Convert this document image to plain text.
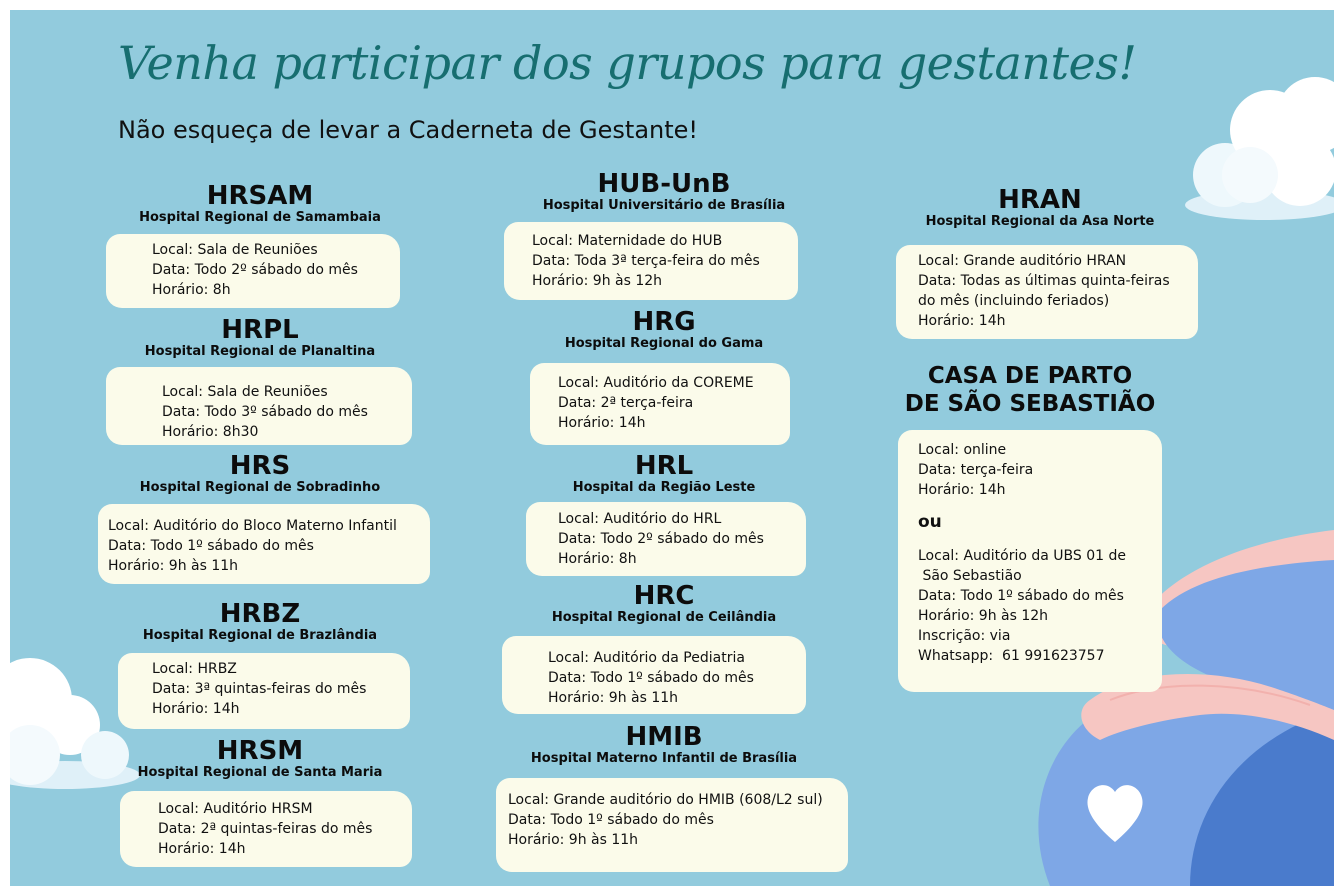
Venha participar dos grupos para gestantes!
Não esqueça de levar a Caderneta de Gestante!
HRSAM
Hospital Regional de Samambaia
Local: Sala de Reuniões
Data: Todo 2º sábado do mês
Horário: 8h
HRPL
Hospital Regional de Planaltina
Local: Sala de Reuniões
Data: Todo 3º sábado do mês
Horário: 8h30
HRS
Hospital Regional de Sobradinho
Local: Auditório do Bloco Materno Infantil
Data: Todo 1º sábado do mês
Horário: 9h às 11h
HRBZ
Hospital Regional de Brazlândia
Local: HRBZ
Data: 3ª quintas-feiras do mês
Horário: 14h
HRSM
Hospital Regional de Santa Maria
Local: Auditório HRSM
Data: 2ª quintas-feiras do mês
Horário: 14h
HUB-UnB
Hospital Universitário de Brasília
Local: Maternidade do HUB
Data: Toda 3ª terça-feira do mês
Horário: 9h às 12h
HRG
Hospital Regional do Gama
Local: Auditório da COREME
Data: 2ª terça-feira
Horário: 14h
HRL
Hospital da Região Leste
Local: Auditório do HRL
Data: Todo 2º sábado do mês
Horário: 8h
HRC
Hospital Regional de Ceilândia
Local: Auditório da Pediatria
Data: Todo 1º sábado do mês
Horário: 9h às 11h
HMIB
Hospital Materno Infantil de Brasília
Local: Grande auditório do HMIB (608/L2 sul)
Data: Todo 1º sábado do mês
Horário: 9h às 11h
HRAN
Hospital Regional da Asa Norte
Local: Grande auditório HRAN
Data: Todas as últimas quinta-feiras
do mês (incluindo feriados)
Horário: 14h
CASA DE PARTO
DE SÃO SEBASTIÃO
Local: online
Data: terça-feira
Horário: 14h
ou
Local: Auditório da UBS 01 de
São Sebastião
Data: Todo 1º sábado do mês
Horário: 9h às 12h
Inscrição: via
Whatsapp:  61 991623757
